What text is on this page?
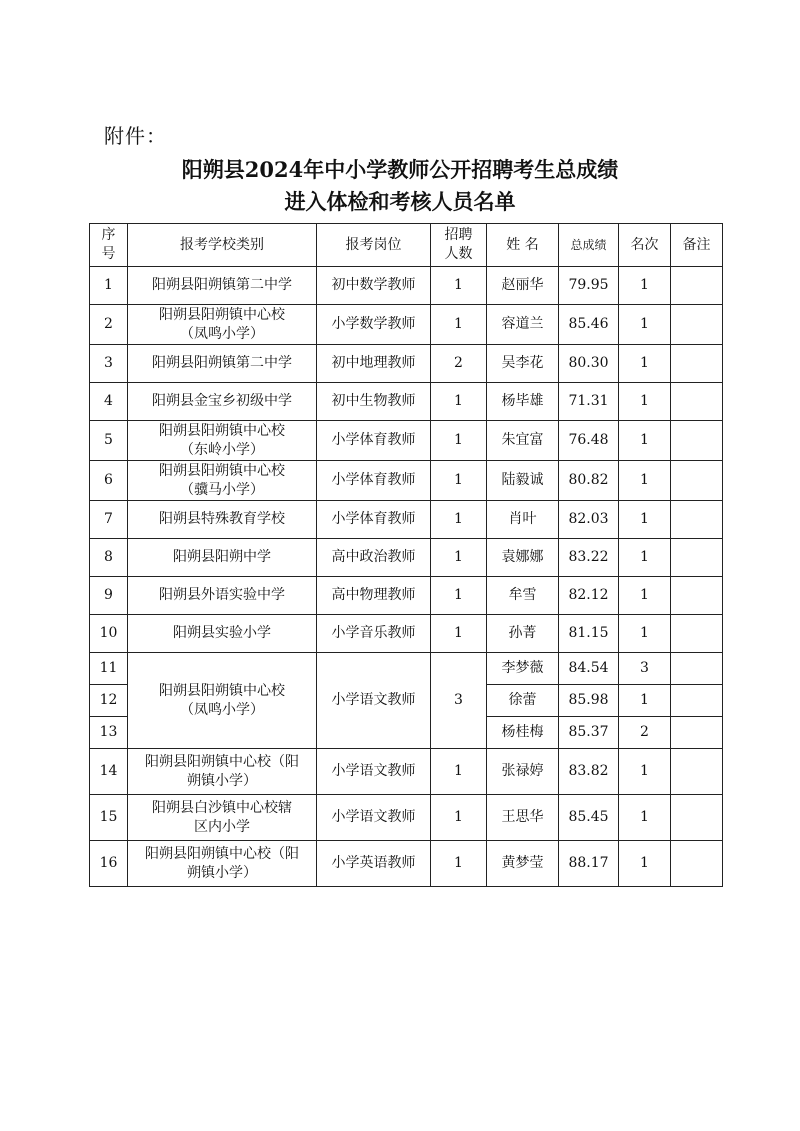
附件：
阳朔县2024年中小学教师公开招聘考生总成绩
进入体检和考核人员名单
序号	报考学校类别	报考岗位	招聘人数	姓 名	总成绩	名次	备注
1	阳朔县阳朔镇第二中学	初中数学教师	1	赵丽华	79.95	1	
2	阳朔县阳朔镇中心校（凤鸣小学）	小学数学教师	1	容道兰	85.46	1	
3	阳朔县阳朔镇第二中学	初中地理教师	2	吴李花	80.30	1	
4	阳朔县金宝乡初级中学	初中生物教师	1	杨毕雄	71.31	1	
5	阳朔县阳朔镇中心校（东岭小学）	小学体育教师	1	朱宜富	76.48	1	
6	阳朔县阳朔镇中心校（骥马小学）	小学体育教师	1	陆毅诚	80.82	1	
7	阳朔县特殊教育学校	小学体育教师	1	肖叶	82.03	1	
8	阳朔县阳朔中学	高中政治教师	1	袁娜娜	83.22	1	
9	阳朔县外语实验中学	高中物理教师	1	牟雪	82.12	1	
10	阳朔县实验小学	小学音乐教师	1	孙菁	81.15	1	
11	阳朔县阳朔镇中心校（凤鸣小学）	小学语文教师	3	李梦薇	84.54	3	
12				徐蕾	85.98	1	
13				杨桂梅	85.37	2	
14	阳朔县阳朔镇中心校（阳朔镇小学）	小学语文教师	1	张禄婷	83.82	1	
15	阳朔县白沙镇中心校辖区内小学	小学语文教师	1	王思华	85.45	1	
16	阳朔县阳朔镇中心校（阳朔镇小学）	小学英语教师	1	黄梦莹	88.17	1	
